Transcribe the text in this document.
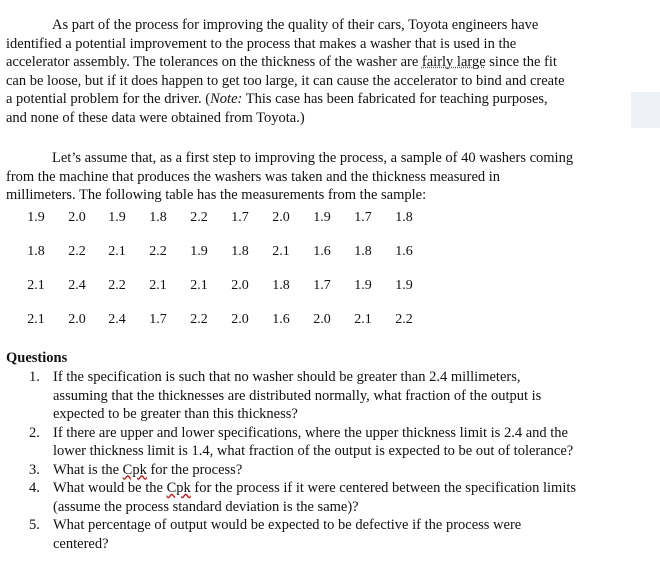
As part of the process for improving the quality of their cars, Toyota engineers have
identified a potential improvement to the process that makes a washer that is used in the
accelerator assembly. The tolerances on the thickness of the washer are fairly large since the fit
can be loose, but if it does happen to get too large, it can cause the accelerator to bind and create
a potential problem for the driver. (Note: This case has been fabricated for teaching purposes,
and none of these data were obtained from Toyota.)
Let’s assume that, as a first step to improving the process, a sample of 40 washers coming
from the machine that produces the washers was taken and the thickness measured in
millimeters. The following table has the measurements from the sample:
1.9	2.0	1.9	1.8	2.2	1.7	2.0	1.9	1.7	1.8
1.8	2.2	2.1	2.2	1.9	1.8	2.1	1.6	1.8	1.6
2.1	2.4	2.2	2.1	2.1	2.0	1.8	1.7	1.9	1.9
2.1	2.0	2.4	1.7	2.2	2.0	1.6	2.0	2.1	2.2
Questions
1. If the specification is such that no washer should be greater than 2.4 millimeters,
assuming that the thicknesses are distributed normally, what fraction of the output is
expected to be greater than this thickness?
2. If there are upper and lower specifications, where the upper thickness limit is 2.4 and the
lower thickness limit is 1.4, what fraction of the output is expected to be out of tolerance?
3. What is the Cpk for the process?
4. What would be the Cpk for the process if it were centered between the specification limits
(assume the process standard deviation is the same)?
5. What percentage of output would be expected to be defective if the process were
centered?
